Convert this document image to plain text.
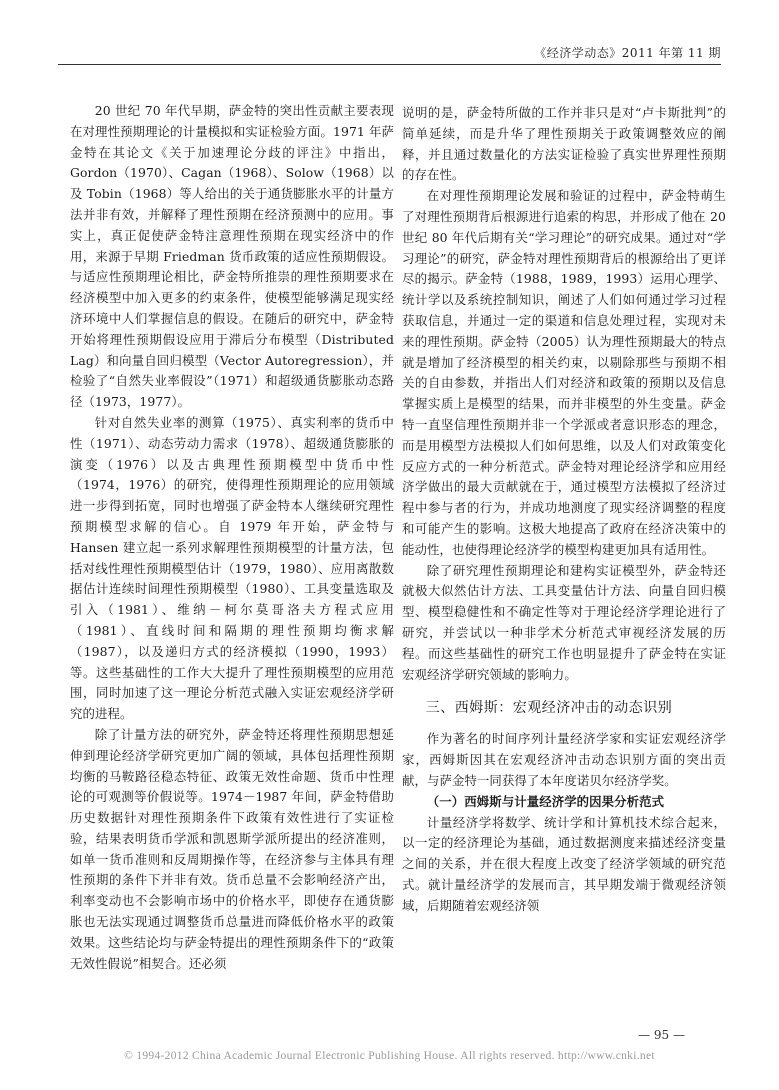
《经济学动态》2011 年第 11 期

20 世纪 70 年代早期，萨金特的突出性贡献主要表现在对理性预期理论的计量模拟和实证检验方面。1971 年萨金特在其论文《关于加速理论分歧的评注》中指出，Gordon（1970）、Cagan（1968）、Solow（1968）以及 Tobin（1968）等人给出的关于通货膨胀水平的计量方法并非有效，并解释了理性预期在经济预测中的应用。事实上，真正促使萨金特注意理性预期在现实经济中的作用，来源于早期 Friedman 货币政策的适应性预期假设。与适应性预期理论相比，萨金特所推崇的理性预期要求在经济模型中加入更多的约束条件，使模型能够满足现实经济环境中人们掌握信息的假设。在随后的研究中，萨金特开始将理性预期假设应用于滞后分布模型（Distributed Lag）和向量自回归模型（Vector Autoregression），并检验了“自然失业率假设”（1971）和超级通货膨胀动态路径（1973，1977）。

针对自然失业率的测算（1975）、真实利率的货币中性（1971）、动态劳动力需求（1978）、超级通货膨胀的演变（1976）以及古典理性预期模型中货币中性（1974，1976）的研究，使得理性预期理论的应用领域进一步得到拓宽，同时也增强了萨金特本人继续研究理性预期模型求解的信心。自 1979 年开始，萨金特与 Hansen 建立起一系列求解理性预期模型的计量方法，包括对线性理性预期模型估计（1979，1980）、应用离散数据估计连续时间理性预期模型（1980）、工具变量选取及引入（1981）、维纳－柯尔莫哥洛夫方程式应用（1981）、直线时间和隔期的理性预期均衡求解（1987），以及递归方式的经济模拟（1990，1993）等。这些基础性的工作大大提升了理性预期模型的应用范围，同时加速了这一理论分析范式融入实证宏观经济学研究的进程。

除了计量方法的研究外，萨金特还将理性预期思想延伸到理论经济学研究更加广阔的领域，具体包括理性预期均衡的马鞍路径稳态特征、政策无效性命题、货币中性理论的可观测等价假说等。1974－1987 年间，萨金特借助历史数据针对理性预期条件下政策有效性进行了实证检验，结果表明货币学派和凯恩斯学派所提出的经济准则，如单一货币准则和反周期操作等，在经济参与主体具有理性预期的条件下并非有效。货币总量不会影响经济产出，利率变动也不会影响市场中的价格水平，即使存在通货膨胀也无法实现通过调整货币总量进而降低价格水平的政策效果。这些结论均与萨金特提出的理性预期条件下的“政策无效性假说”相契合。还必须

说明的是，萨金特所做的工作并非只是对“卢卡斯批判”的简单延续，而是升华了理性预期关于政策调整效应的阐释，并且通过数量化的方法实证检验了真实世界理性预期的存在性。

在对理性预期理论发展和验证的过程中，萨金特萌生了对理性预期背后根源进行追索的构思，并形成了他在 20 世纪 80 年代后期有关“学习理论”的研究成果。通过对“学习理论”的研究，萨金特对理性预期背后的根源给出了更详尽的揭示。萨金特（1988，1989，1993）运用心理学、统计学以及系统控制知识，阐述了人们如何通过学习过程获取信息，并通过一定的渠道和信息处理过程，实现对未来的理性预期。萨金特（2005）认为理性预期最大的特点就是增加了经济模型的相关约束，以剔除那些与预期不相关的自由参数，并指出人们对经济和政策的预期以及信息掌握实质上是模型的结果，而并非模型的外生变量。萨金特一直坚信理性预期并非一个学派或者意识形态的理念，而是用模型方法模拟人们如何思维，以及人们对政策变化反应方式的一种分析范式。萨金特对理论经济学和应用经济学做出的最大贡献就在于，通过模型方法模拟了经济过程中参与者的行为，并成功地测度了现实经济调整的程度和可能产生的影响。这极大地提高了政府在经济决策中的能动性，也使得理论经济学的模型构建更加具有适用性。

除了研究理性预期理论和建构实证模型外，萨金特还就极大似然估计方法、工具变量估计方法、向量自回归模型、模型稳健性和不确定性等对于理论经济学理论进行了研究，并尝试以一种非学术分析范式审视经济发展的历程。而这些基础性的研究工作也明显提升了萨金特在实证宏观经济学研究领域的影响力。

三、西姆斯：宏观经济冲击的动态识别

作为著名的时间序列计量经济学家和实证宏观经济学家，西姆斯因其在宏观经济冲击动态识别方面的突出贡献，与萨金特一同获得了本年度诺贝尔经济学奖。

（一）西姆斯与计量经济学的因果分析范式

计量经济学将数学、统计学和计算机技术综合起来，以一定的经济理论为基础，通过数据测度来描述经济变量之间的关系，并在很大程度上改变了经济学领域的研究范式。就计量经济学的发展而言，其早期发端于微观经济领域，后期随着宏观经济领

— 95 —
© 1994-2012 China Academic Journal Electronic Publishing House. All rights reserved. http://www.cnki.net
